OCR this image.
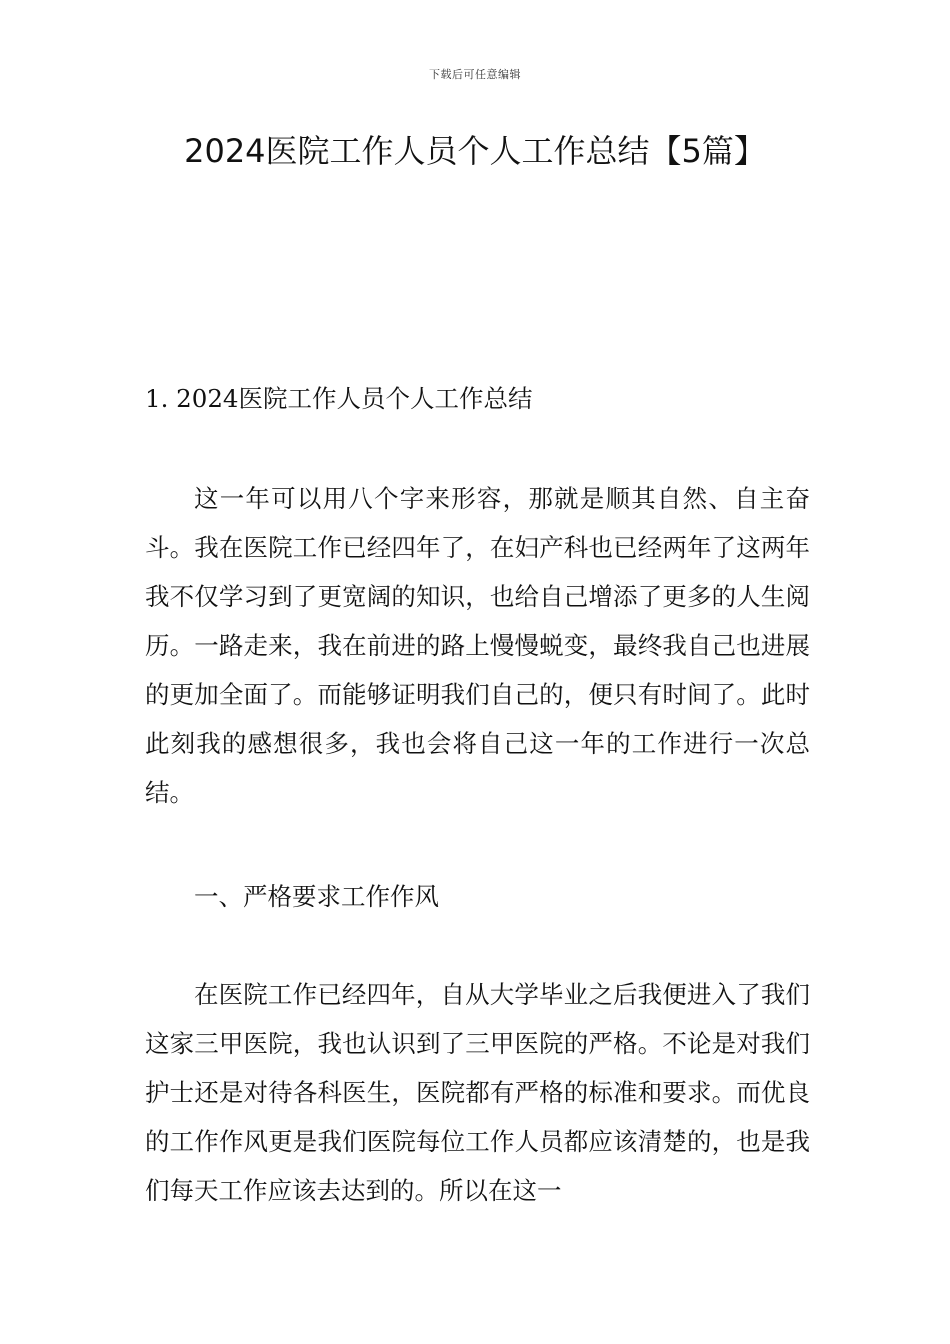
下载后可任意编辑
2024医院工作人员个人工作总结【5篇】

1. 2024医院工作人员个人工作总结

这一年可以用八个字来形容，那就是顺其自然、自主奋斗。我在医院工作已经四年了，在妇产科也已经两年了这两年我不仅学习到了更宽阔的知识，也给自己增添了更多的人生阅历。一路走来，我在前进的路上慢慢蜕变，最终我自己也进展的更加全面了。而能够证明我们自己的，便只有时间了。此时此刻我的感想很多，我也会将自己这一年的工作进行一次总结。

一、严格要求工作作风

在医院工作已经四年，自从大学毕业之后我便进入了我们这家三甲医院，我也认识到了三甲医院的严格。不论是对我们护士还是对待各科医生，医院都有严格的标准和要求。而优良的工作作风更是我们医院每位工作人员都应该清楚的，也是我们每天工作应该去达到的。所以在这一
